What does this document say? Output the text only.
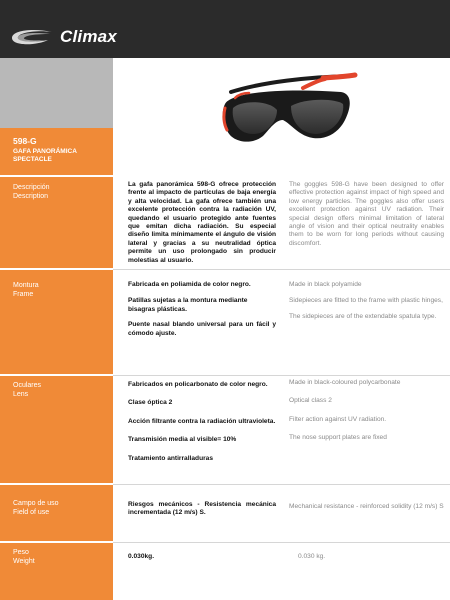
Climax
598-G
GAFA PANORÁMICA
SPECTACLE
Descripción
Description
Montura
Frame
Oculares
Lens
Campo de uso
Field of use
Peso
Weight
La gafa panorámica 598-G ofrece protección frente al impacto de partículas de baja energía y alta velocidad. La gafa ofrece también una excelente protección contra la radiación UV, quedando el usuario protegido ante fuentes que emitan dicha radiación. Su especial diseño limita mínimamente el ángulo de visión lateral y gracias a su neutralidad óptica permite un uso prolongado sin producir molestias al usuario.
The goggles 598-G have been designed to offer effective protection against impact of high speed and low energy particles. The goggles also offer users excellent protection against UV radiation. Their special design offers minimal limitation of lateral angle of vision and their optical neutrality enables them to be worn for long periods without causing discomfort.
Fabricada en poliamida de color negro.
Patillas sujetas a la montura mediante bisagras plásticas.
Puente nasal blando universal para un fácil y cómodo ajuste.
Made in black polyamide
Sidepieces are fitted to the frame with plastic hinges,
The sidepieces are of the extendable spatula type.
Fabricados en policarbonato de color negro.
Clase óptica 2
Acción filtrante contra la radiación ultravioleta.
Transmisión media al visible= 10%
Tratamiento antirralladuras
Made in black-coloured polycarbonate
Optical class 2
Filter action against UV radiation.
The nose support plates are fixed
Riesgos mecánicos - Resistencia mecánica incrementada (12 m/s) S.
Mechanical resistance - reinforced solidity (12 m/s) S
0.030kg.	0.030 kg.
